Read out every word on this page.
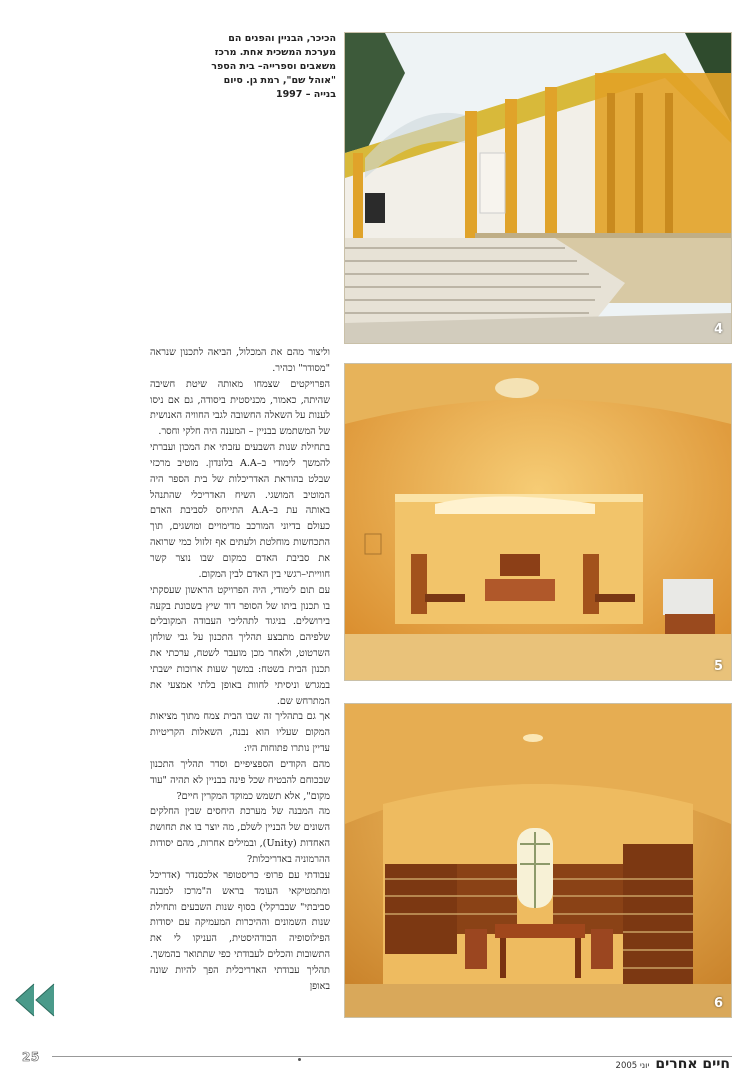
הכיכר, הבניין והפנים הם

מערכת המשכית אחת. מרכז

משאבים וספרייה– בית הספר

"אוהל שם", רמת גן. סיום

בנייה – 1997

4
5
6

וליצור מהם את המכלול, הביאה לתכנון שנראה "מסודר" וכהיר.

הפרויקטים שצמחו מאותה שיטת חשיבה שהיתה, כאמור, מכניסטית ביסודה, גם אם ניסו לענות על השאלה החשובה לגבי החוויה האנושית של המשתמש בבניין – המענה היה חלקי וחסר.

בתחילת שנות השבעים עזבתי את המכון ועברתי להמשך לימודי ב–A.A בלונדון. מוטיב מרכזי שבלט בהוראת האדריכלות של בית הספר היה המוטיב המושגי. השיח האדריכלי שהתנהל באותה עת ב–A.A התייחס לסביבת האדם כעולם בדיוני המורכב מדימויים ומושגים, תוך התכחשות מוחלטת ולעתים אף זלזול כמי שרואה את סביבת האדם כמקום שבו נוצר קשר חווייתי–רגשי בין האדם לבין המקום.

עם תום לימודי, היה הפרויקט הראשון שעסקתי בו תכנון ביתו של הסופר דוד שיץ בשכונת בקעה בירושלים. בניגוד לתהליכי העבודה המקובלים שלפיהם מתבצע תהליך התכנון על גבי שולחן השרטוט, ולאחר מכן מועבר לשטח, ערכתי את תכנון הבית בשטח: במשך שעות ארוכות ישבתי במגרש וניסיתי לחוות באופן בלתי אמצעי את המתרחש שם.

אך גם בתהליך זה שבו הבית צמח מתוך מציאות המקום שעליו הוא נבנה, השאלות הקריטיות עדיין נותרו פתוחות היו:

מהם הקודים הספציפיים וסדר תהליך התכנון שבכוחם להבטיח שכל פינה בבניין לא תהיה "עוד מקום", אלא תשמש כמוקד המקרין חיים?

מה המבנה של מערכת היחסים שבין החלקים השונים של הבניין לשלם, מה יוצר בו את תחושת האחדות (Unity), ובמילים אחרות, מהם יסודות ההרמוניה באדריכלות?

עבודתי עם פרופ׳ כריסטופר אלכסנדר (אדריכל ומתמטיקאי העומד בראש ה"מרכז למבנה סביבתי" שבברקלי) בסוף שנות השבעים ותחילת שנות השמונים וההיכרות המעמיקה עם יסודות הפילוסופיה הבודהיסטית, העניקו לי את התשובות והכלים לעבודתי כפי שתתואר בהמשך. תהליך עבודתי האדריכלית הפך להיות שונה באופן

25	חיים אחרים
יוני 2005
